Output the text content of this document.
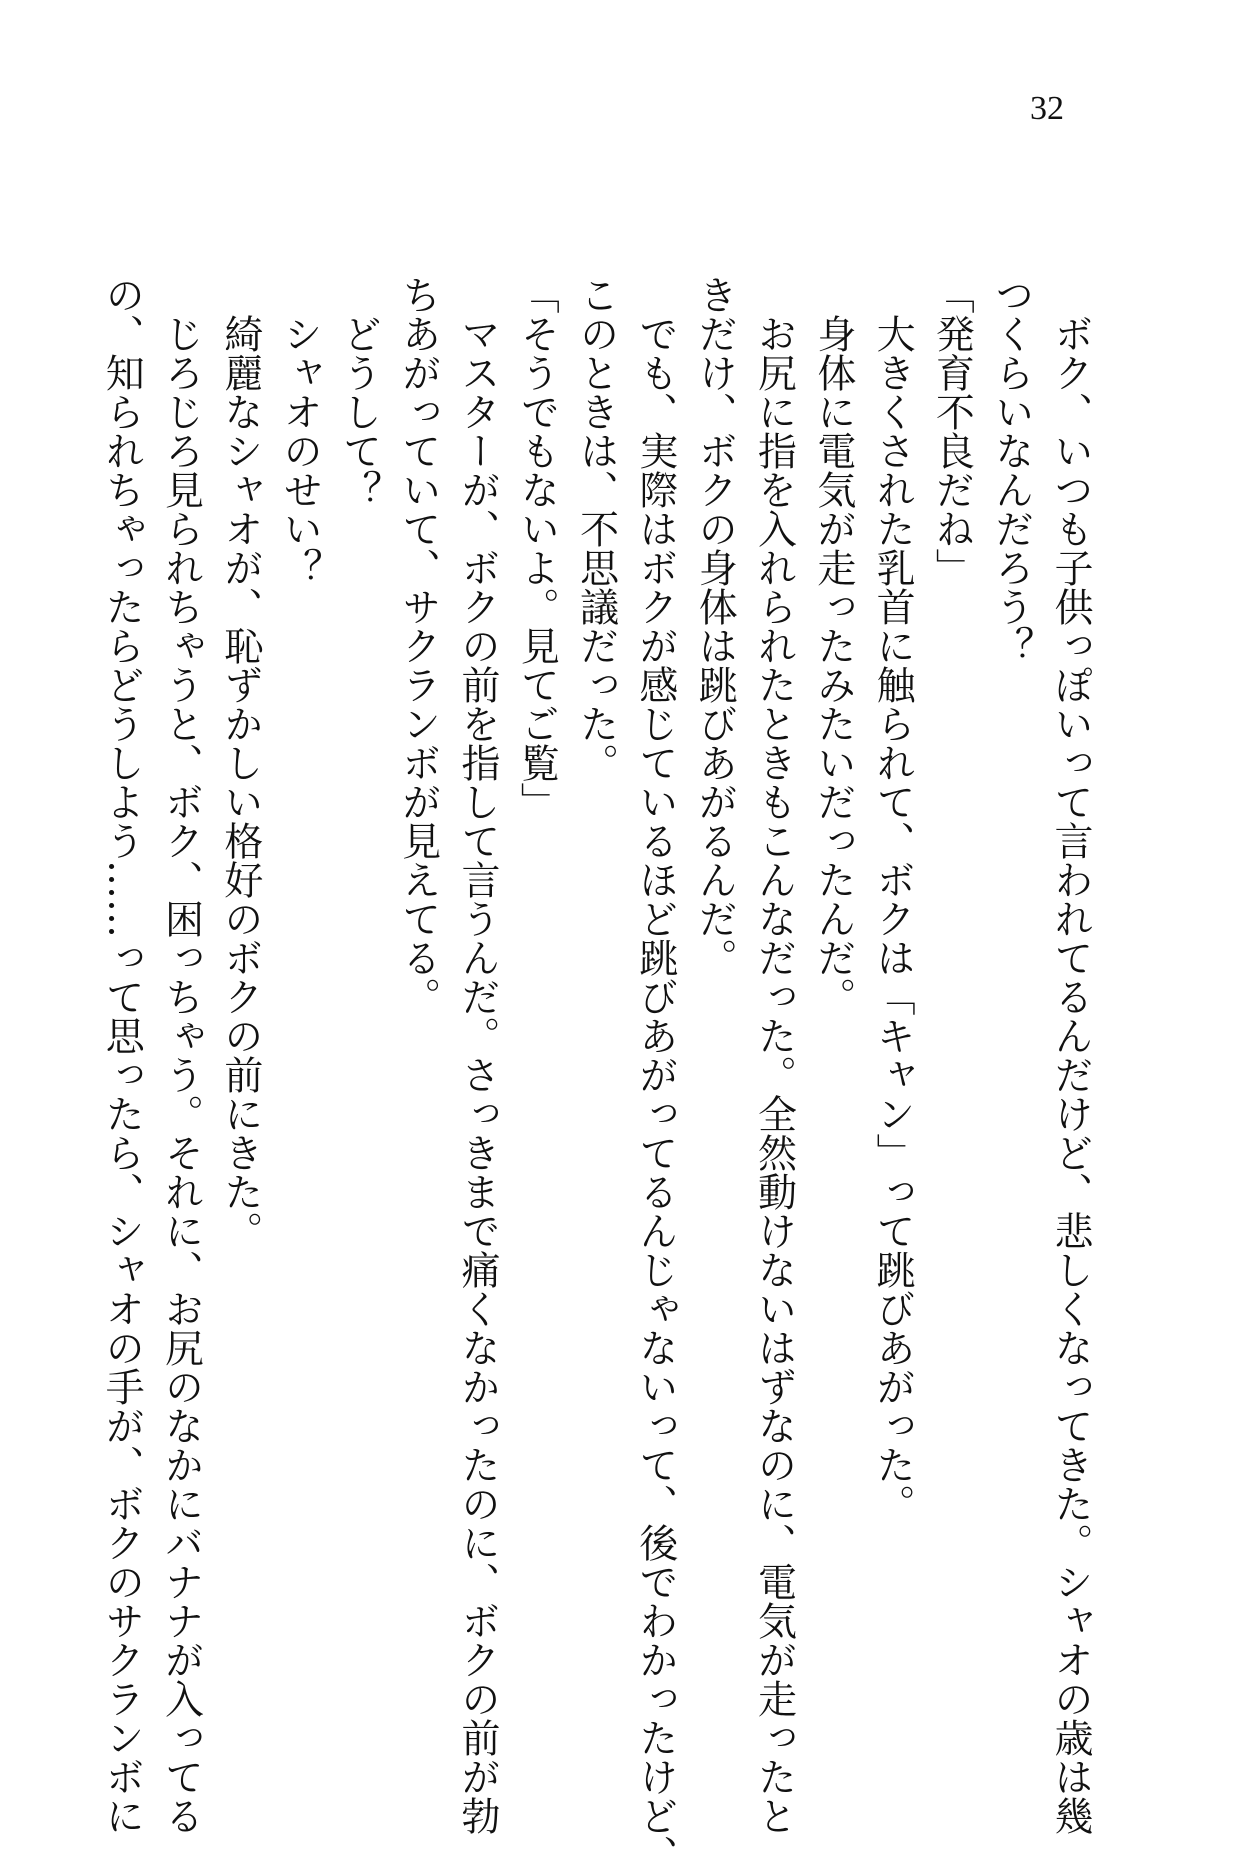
32

　ボク、いつも子供っぽいって言われてるんだけど、悲しくなってきた。シャオの歳は幾

つくらいなんだろう？

「発育不良だね」

　大きくされた乳首に触られて、ボクは「キャン」って跳びあがった。

　身体に電気が走ったみたいだったんだ。

　お尻に指を入れられたときもこんなだった。全然動けないはずなのに、電気が走ったと

きだけ、ボクの身体は跳びあがるんだ。

　でも、実際はボクが感じているほど跳びあがってるんじゃないって、後でわかったけど、

このときは、不思議だった。

「そうでもないよ。見てご覧」

　マスターが、ボクの前を指して言うんだ。さっきまで痛くなかったのに、ボクの前が勃

ちあがっていて、サクランボが見えてる。

　どうして？

　シャオのせい？

　綺麗なシャオが、恥ずかしい格好のボクの前にきた。

　じろじろ見られちゃうと、ボク、困っちゃう。それに、お尻のなかにバナナが入ってる

の、知られちゃったらどうしよう……って思ったら、シャオの手が、ボクのサクランボに
